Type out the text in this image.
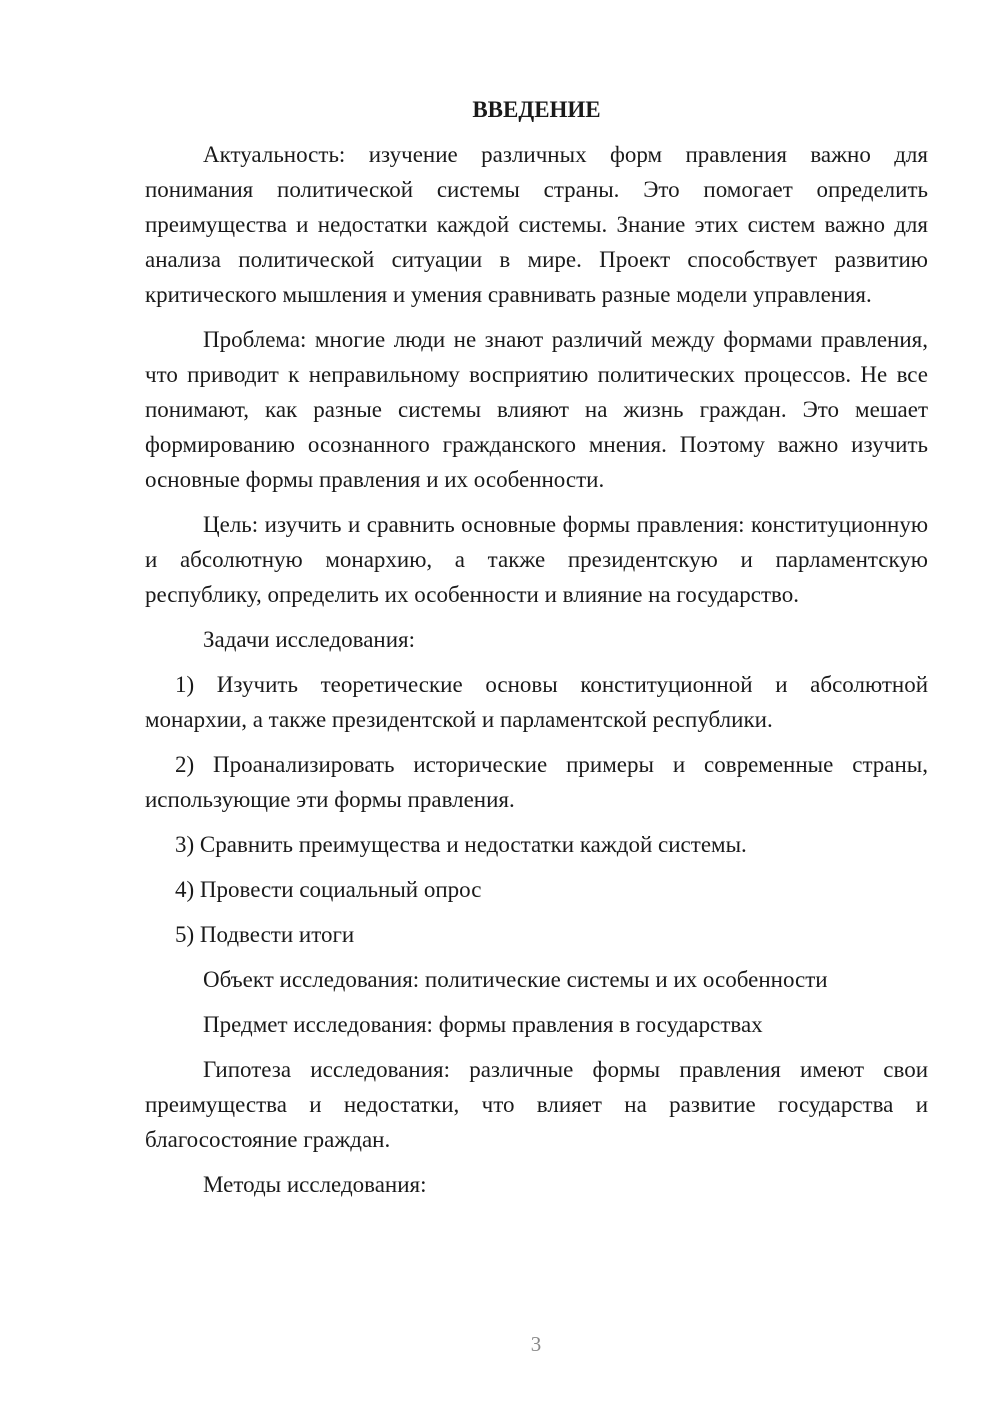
ВВЕДЕНИЕ
Актуальность: изучение различных форм правления важно для понимания политической системы страны. Это помогает определить преимущества и недостатки каждой системы. Знание этих систем важно для анализа политической ситуации в мире. Проект способствует развитию критического мышления и умения сравнивать разные модели управления.
Проблема: многие люди не знают различий между формами правления, что приводит к неправильному восприятию политических процессов. Не все понимают, как разные системы влияют на жизнь граждан. Это мешает формированию осознанного гражданского мнения. Поэтому важно изучить основные формы правления и их особенности.
Цель: изучить и сравнить основные формы правления: конституционную и абсолютную монархию, а также президентскую и парламентскую республику, определить их особенности и влияние на государство.
Задачи исследования:
1) Изучить теоретические основы конституционной и абсолютной монархии, а также президентской и парламентской республики.
2) Проанализировать исторические примеры и современные страны, использующие эти формы правления.
3) Сравнить преимущества и недостатки каждой системы.
4) Провести социальный опрос
5) Подвести итоги
Объект исследования: политические системы и их особенности
Предмет исследования: формы правления в государствах
Гипотеза исследования: различные формы правления имеют свои преимущества и недостатки, что влияет на развитие государства и благосостояние граждан.
Методы исследования:
3
